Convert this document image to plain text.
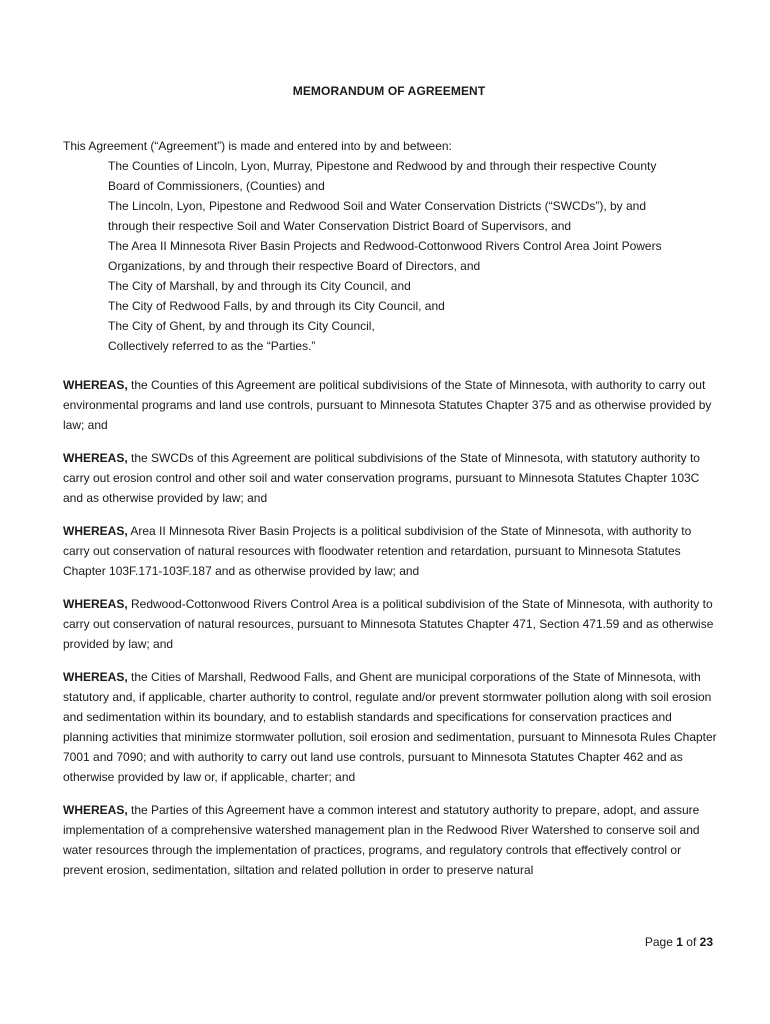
MEMORANDUM OF AGREEMENT
This Agreement (“Agreement”) is made and entered into by and between:
The Counties of Lincoln, Lyon, Murray, Pipestone and Redwood by and through their respective County
Board of Commissioners, (Counties) and
The Lincoln, Lyon, Pipestone and Redwood Soil and Water Conservation Districts (“SWCDs”), by and
through their respective Soil and Water Conservation District Board of Supervisors, and
The Area II Minnesota River Basin Projects and Redwood-Cottonwood Rivers Control Area Joint Powers
Organizations, by and through their respective Board of Directors, and
The City of Marshall, by and through its City Council, and
The City of Redwood Falls, by and through its City Council, and
The City of Ghent, by and through its City Council,
Collectively referred to as the “Parties.”
WHEREAS, the Counties of this Agreement are political subdivisions of the State of Minnesota, with authority to carry out environmental programs and land use controls, pursuant to Minnesota Statutes Chapter 375 and as otherwise provided by law; and
WHEREAS, the SWCDs of this Agreement are political subdivisions of the State of Minnesota, with statutory authority to carry out erosion control and other soil and water conservation programs, pursuant to Minnesota Statutes Chapter 103C and as otherwise provided by law; and
WHEREAS, Area II Minnesota River Basin Projects is a political subdivision of the State of Minnesota, with authority to carry out conservation of natural resources with floodwater retention and retardation, pursuant to Minnesota Statutes Chapter 103F.171-103F.187 and as otherwise provided by law; and
WHEREAS, Redwood-Cottonwood Rivers Control Area is a political subdivision of the State of Minnesota, with authority to carry out conservation of natural resources, pursuant to Minnesota Statutes Chapter 471, Section 471.59 and as otherwise provided by law; and
WHEREAS, the Cities of Marshall, Redwood Falls, and Ghent are municipal corporations of the State of Minnesota, with statutory and, if applicable, charter authority to control, regulate and/or prevent stormwater pollution along with soil erosion and sedimentation within its boundary, and to establish standards and specifications for conservation practices and planning activities that minimize stormwater pollution, soil erosion and sedimentation, pursuant to Minnesota Rules Chapter 7001 and 7090; and with authority to carry out land use controls, pursuant to Minnesota Statutes Chapter 462 and as otherwise provided by law or, if applicable, charter; and
WHEREAS, the Parties of this Agreement have a common interest and statutory authority to prepare, adopt, and assure implementation of a comprehensive watershed management plan in the Redwood River Watershed to conserve soil and water resources through the implementation of practices, programs, and regulatory controls that effectively control or prevent erosion, sedimentation, siltation and related pollution in order to preserve natural
Page 1 of 23
